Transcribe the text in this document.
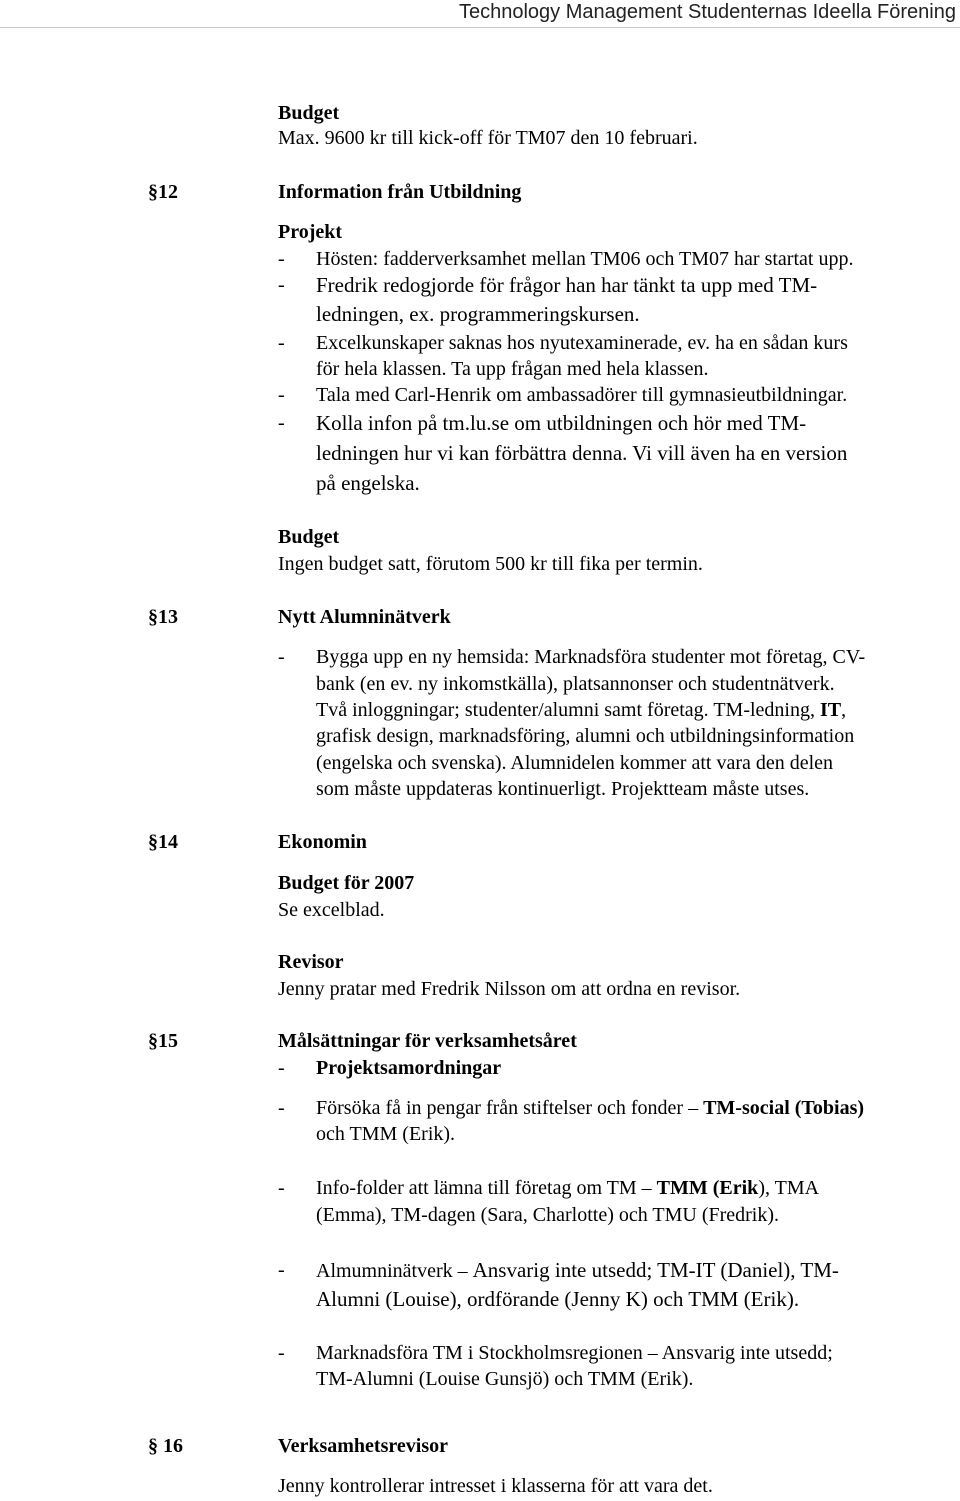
Technology Management Studenternas Ideella Förening
Budget
Max. 9600 kr till kick-off för TM07 den 10 februari.
§12	Information från Utbildning
Projekt
- Hösten: fadderverksamhet mellan TM06 och TM07 har startat upp.
- Fredrik redogjorde för frågor han har tänkt ta upp med TM-
ledningen, ex. programmeringskursen.
- Excelkunskaper saknas hos nyutexaminerade, ev. ha en sådan kurs
för hela klassen. Ta upp frågan med hela klassen.
- Tala med Carl-Henrik om ambassadörer till gymnasieutbildningar.
- Kolla infon på tm.lu.se om utbildningen och hör med TM-
ledningen hur vi kan förbättra denna. Vi vill även ha en version
på engelska.
Budget
Ingen budget satt, förutom 500 kr till fika per termin.
§13	Nytt Alumninätverk
- Bygga upp en ny hemsida: Marknadsföra studenter mot företag, CV-
bank (en ev. ny inkomstkälla), platsannonser och studentnätverk.
Två inloggningar; studenter/alumni samt företag. TM-ledning, IT,
grafisk design, marknadsföring, alumni och utbildningsinformation
(engelska och svenska). Alumnidelen kommer att vara den delen
som måste uppdateras kontinuerligt. Projektteam måste utses.
§14	Ekonomin
Budget för 2007
Se excelblad.
Revisor
Jenny pratar med Fredrik Nilsson om att ordna en revisor.
§15	Målsättningar för verksamhetsåret
- Projektsamordningar
- Försöka få in pengar från stiftelser och fonder – TM-social (Tobias)
och TMM (Erik).
- Info-folder att lämna till företag om TM – TMM (Erik), TMA
(Emma), TM-dagen (Sara, Charlotte) och TMU (Fredrik).
- Almumninätverk – Ansvarig inte utsedd; TM-IT (Daniel), TM-
Alumni (Louise), ordförande (Jenny K) och TMM (Erik).
- Marknadsföra TM i Stockholmsregionen – Ansvarig inte utsedd;
TM-Alumni (Louise Gunsjö) och TMM (Erik).
§ 16	Verksamhetsrevisor
Jenny kontrollerar intresset i klasserna för att vara det.
